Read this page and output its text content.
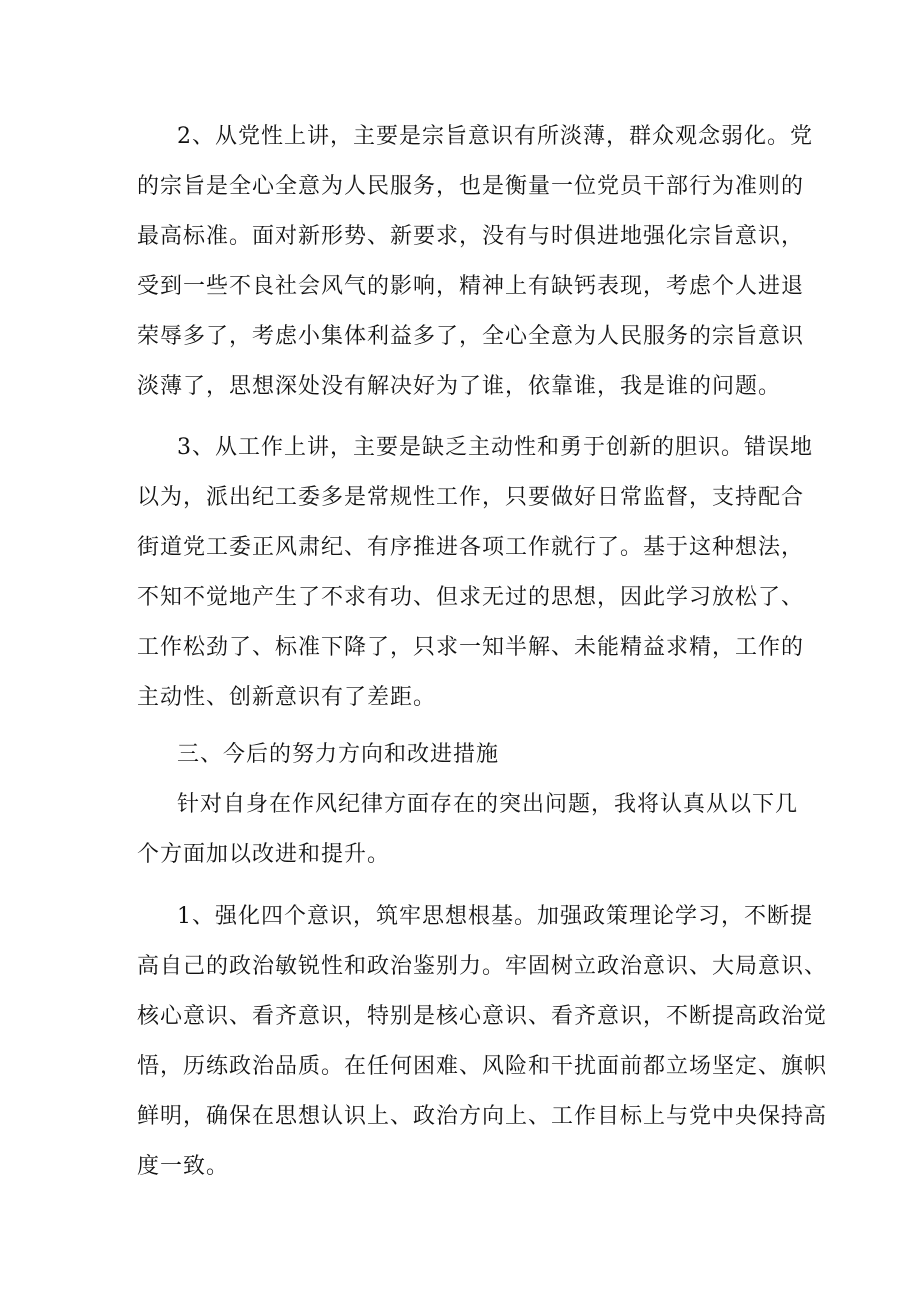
2、从党性上讲，主要是宗旨意识有所淡薄，群众观念弱化。党
的宗旨是全心全意为人民服务，也是衡量一位党员干部行为准则的
最高标准。面对新形势、新要求，没有与时俱进地强化宗旨意识，
受到一些不良社会风气的影响，精神上有缺钙表现，考虑个人进退
荣辱多了，考虑小集体利益多了，全心全意为人民服务的宗旨意识
淡薄了，思想深处没有解决好为了谁，依靠谁，我是谁的问题。
3、从工作上讲，主要是缺乏主动性和勇于创新的胆识。错误地
以为，派出纪工委多是常规性工作，只要做好日常监督，支持配合
街道党工委正风肃纪、有序推进各项工作就行了。基于这种想法，
不知不觉地产生了不求有功、但求无过的思想，因此学习放松了、
工作松劲了、标准下降了，只求一知半解、未能精益求精，工作的
主动性、创新意识有了差距。
三、今后的努力方向和改进措施
针对自身在作风纪律方面存在的突出问题，我将认真从以下几
个方面加以改进和提升。
1、强化四个意识，筑牢思想根基。加强政策理论学习，不断提
高自己的政治敏锐性和政治鉴别力。牢固树立政治意识、大局意识、
核心意识、看齐意识，特别是核心意识、看齐意识，不断提高政治觉
悟，历练政治品质。在任何困难、风险和干扰面前都立场坚定、旗帜
鲜明，确保在思想认识上、政治方向上、工作目标上与党中央保持高
度一致。
